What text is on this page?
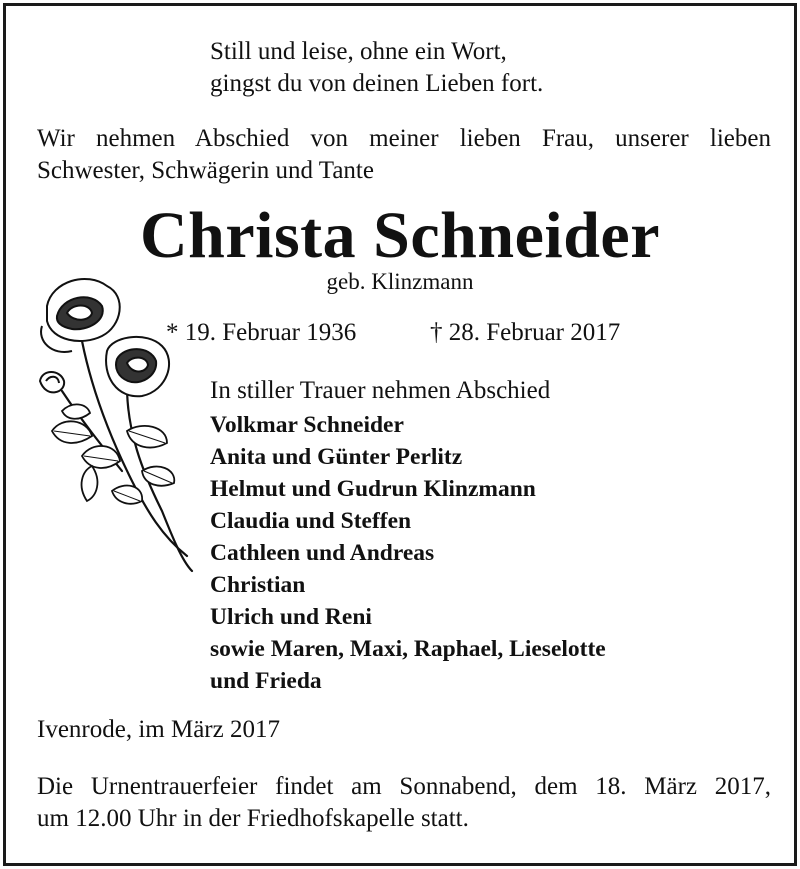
Still und leise, ohne ein Wort,

gingst du von deinen Lieben fort.

Wir nehmen Abschied von meiner lieben Frau, unserer lieben
Schwester, Schwägerin und Tante

Christa Schneider

geb. Klinzmann

* 19. Februar 1936	† 28. Februar 2017

In stiller Trauer nehmen Abschied

Volkmar Schneider
Anita und Günter Perlitz
Helmut und Gudrun Klinzmann
Claudia und Steffen
Cathleen und Andreas
Christian
Ulrich und Reni
sowie Maren, Maxi, Raphael, Lieselotte
und Frieda

Ivenrode, im März 2017

Die Urnentrauerfeier findet am Sonnabend, dem 18. März 2017,
um 12.00 Uhr in der Friedhofskapelle statt.
